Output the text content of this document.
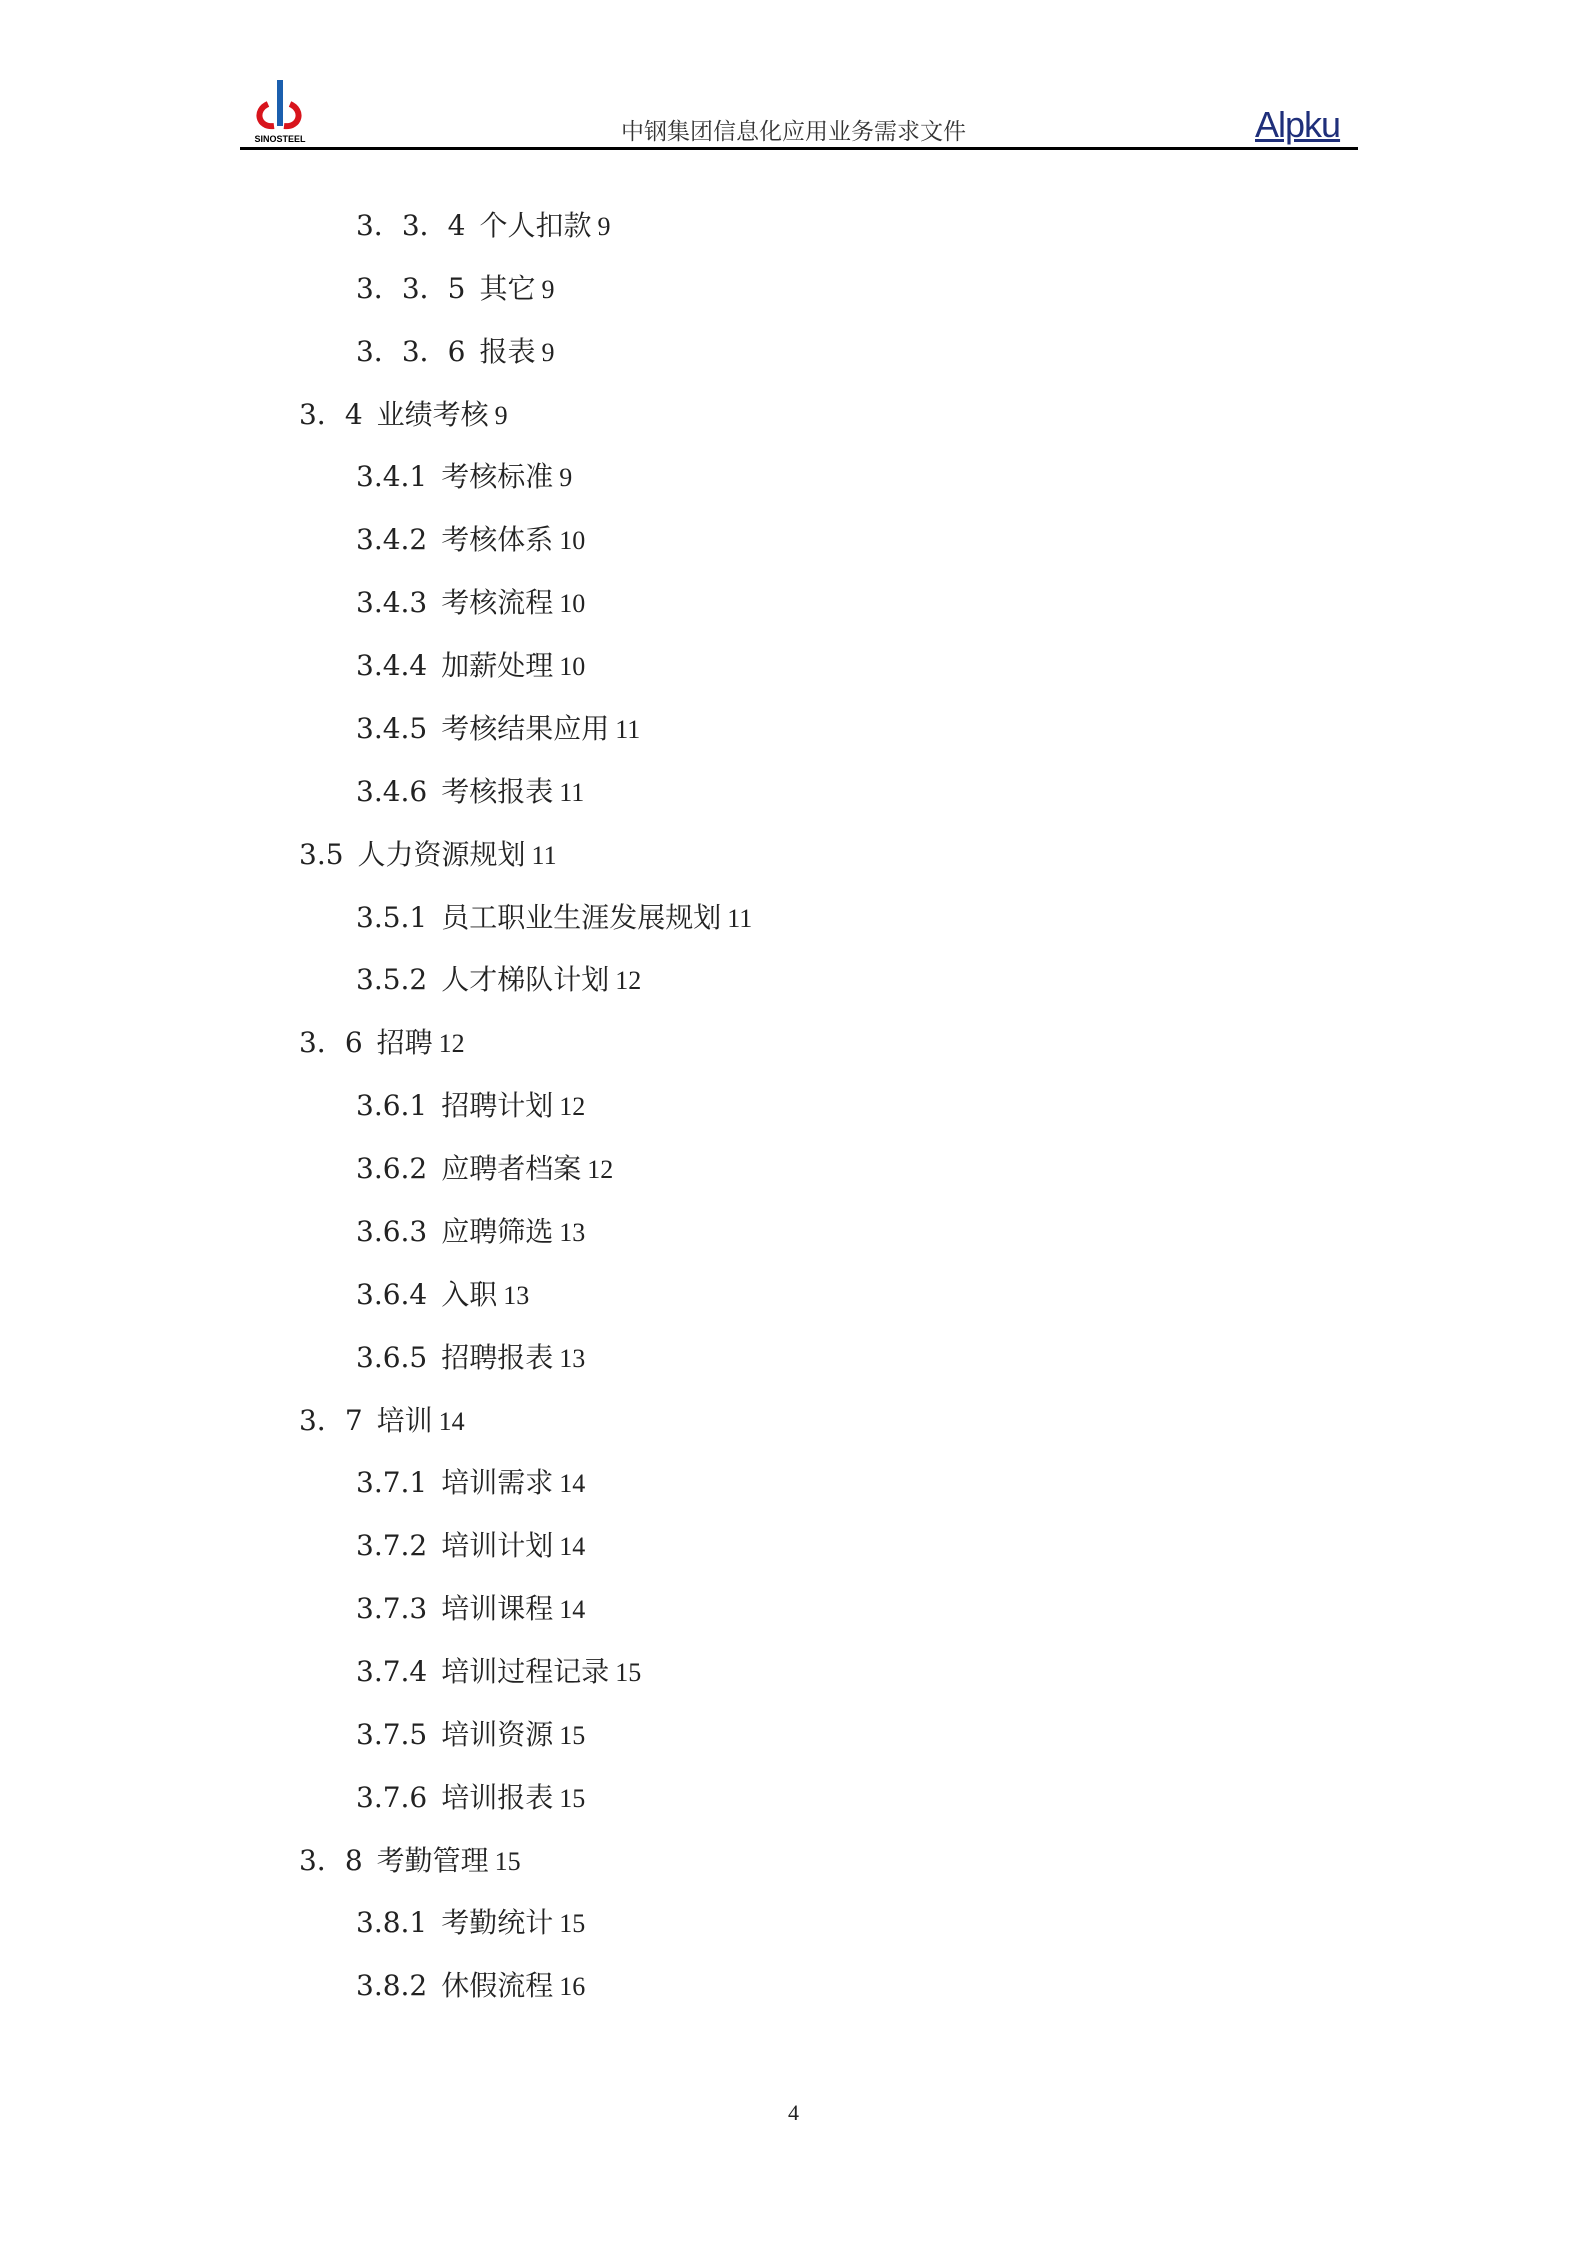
SINOSTEEL	中钢集团信息化应用业务需求文件	Alpku
3．3．4 个人扣款 9
3．3．5 其它 9
3．3．6 报表 9
3．4 业绩考核 9
3.4.1 考核标准 9
3.4.2 考核体系 10
3.4.3 考核流程 10
3.4.4 加薪处理 10
3.4.5 考核结果应用 11
3.4.6 考核报表 11
3.5 人力资源规划 11
3.5.1 员工职业生涯发展规划 11
3.5.2 人才梯队计划 12
3．6 招聘 12
3.6.1 招聘计划 12
3.6.2 应聘者档案 12
3.6.3 应聘筛选 13
3.6.4 入职 13
3.6.5 招聘报表 13
3．7 培训 14
3.7.1 培训需求 14
3.7.2 培训计划 14
3.7.3 培训课程 14
3.7.4 培训过程记录 15
3.7.5 培训资源 15
3.7.6 培训报表 15
3．8 考勤管理 15
3.8.1 考勤统计 15
3.8.2 休假流程 16
4
